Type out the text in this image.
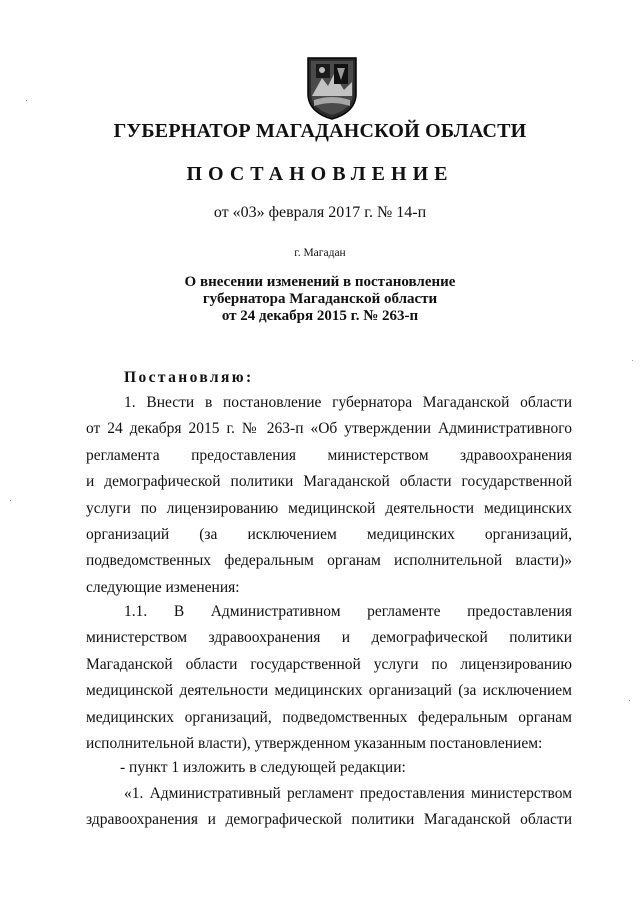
ГУБЕРНАТОР МАГАДАНСКОЙ ОБЛАСТИ
ПОСТАНОВЛЕНИЕ
от «03» февраля 2017 г. № 14-п
г. Магадан
О внесении изменений в постановление
губернатора Магаданской области
от 24 декабря 2015 г. № 263-п
Постановляю:
1. Внести в постановление губернатора Магаданской области
от 24 декабря 2015 г. № 263-п «Об утверждении Административного
регламента предоставления министерством здравоохранения
и демографической политики Магаданской области государственной
услуги по лицензированию медицинской деятельности медицинских
организаций (за исключением медицинских организаций,
подведомственных федеральным органам исполнительной власти)»
следующие изменения:
1.1. В Административном регламенте предоставления
министерством здравоохранения и демографической политики
Магаданской области государственной услуги по лицензированию
медицинской деятельности медицинских организаций (за исключением
медицинских организаций, подведомственных федеральным органам
исполнительной власти), утвержденном указанным постановлением:
- пункт 1 изложить в следующей редакции:
«1. Административный регламент предоставления министерством
здравоохранения и демографической политики Магаданской области
